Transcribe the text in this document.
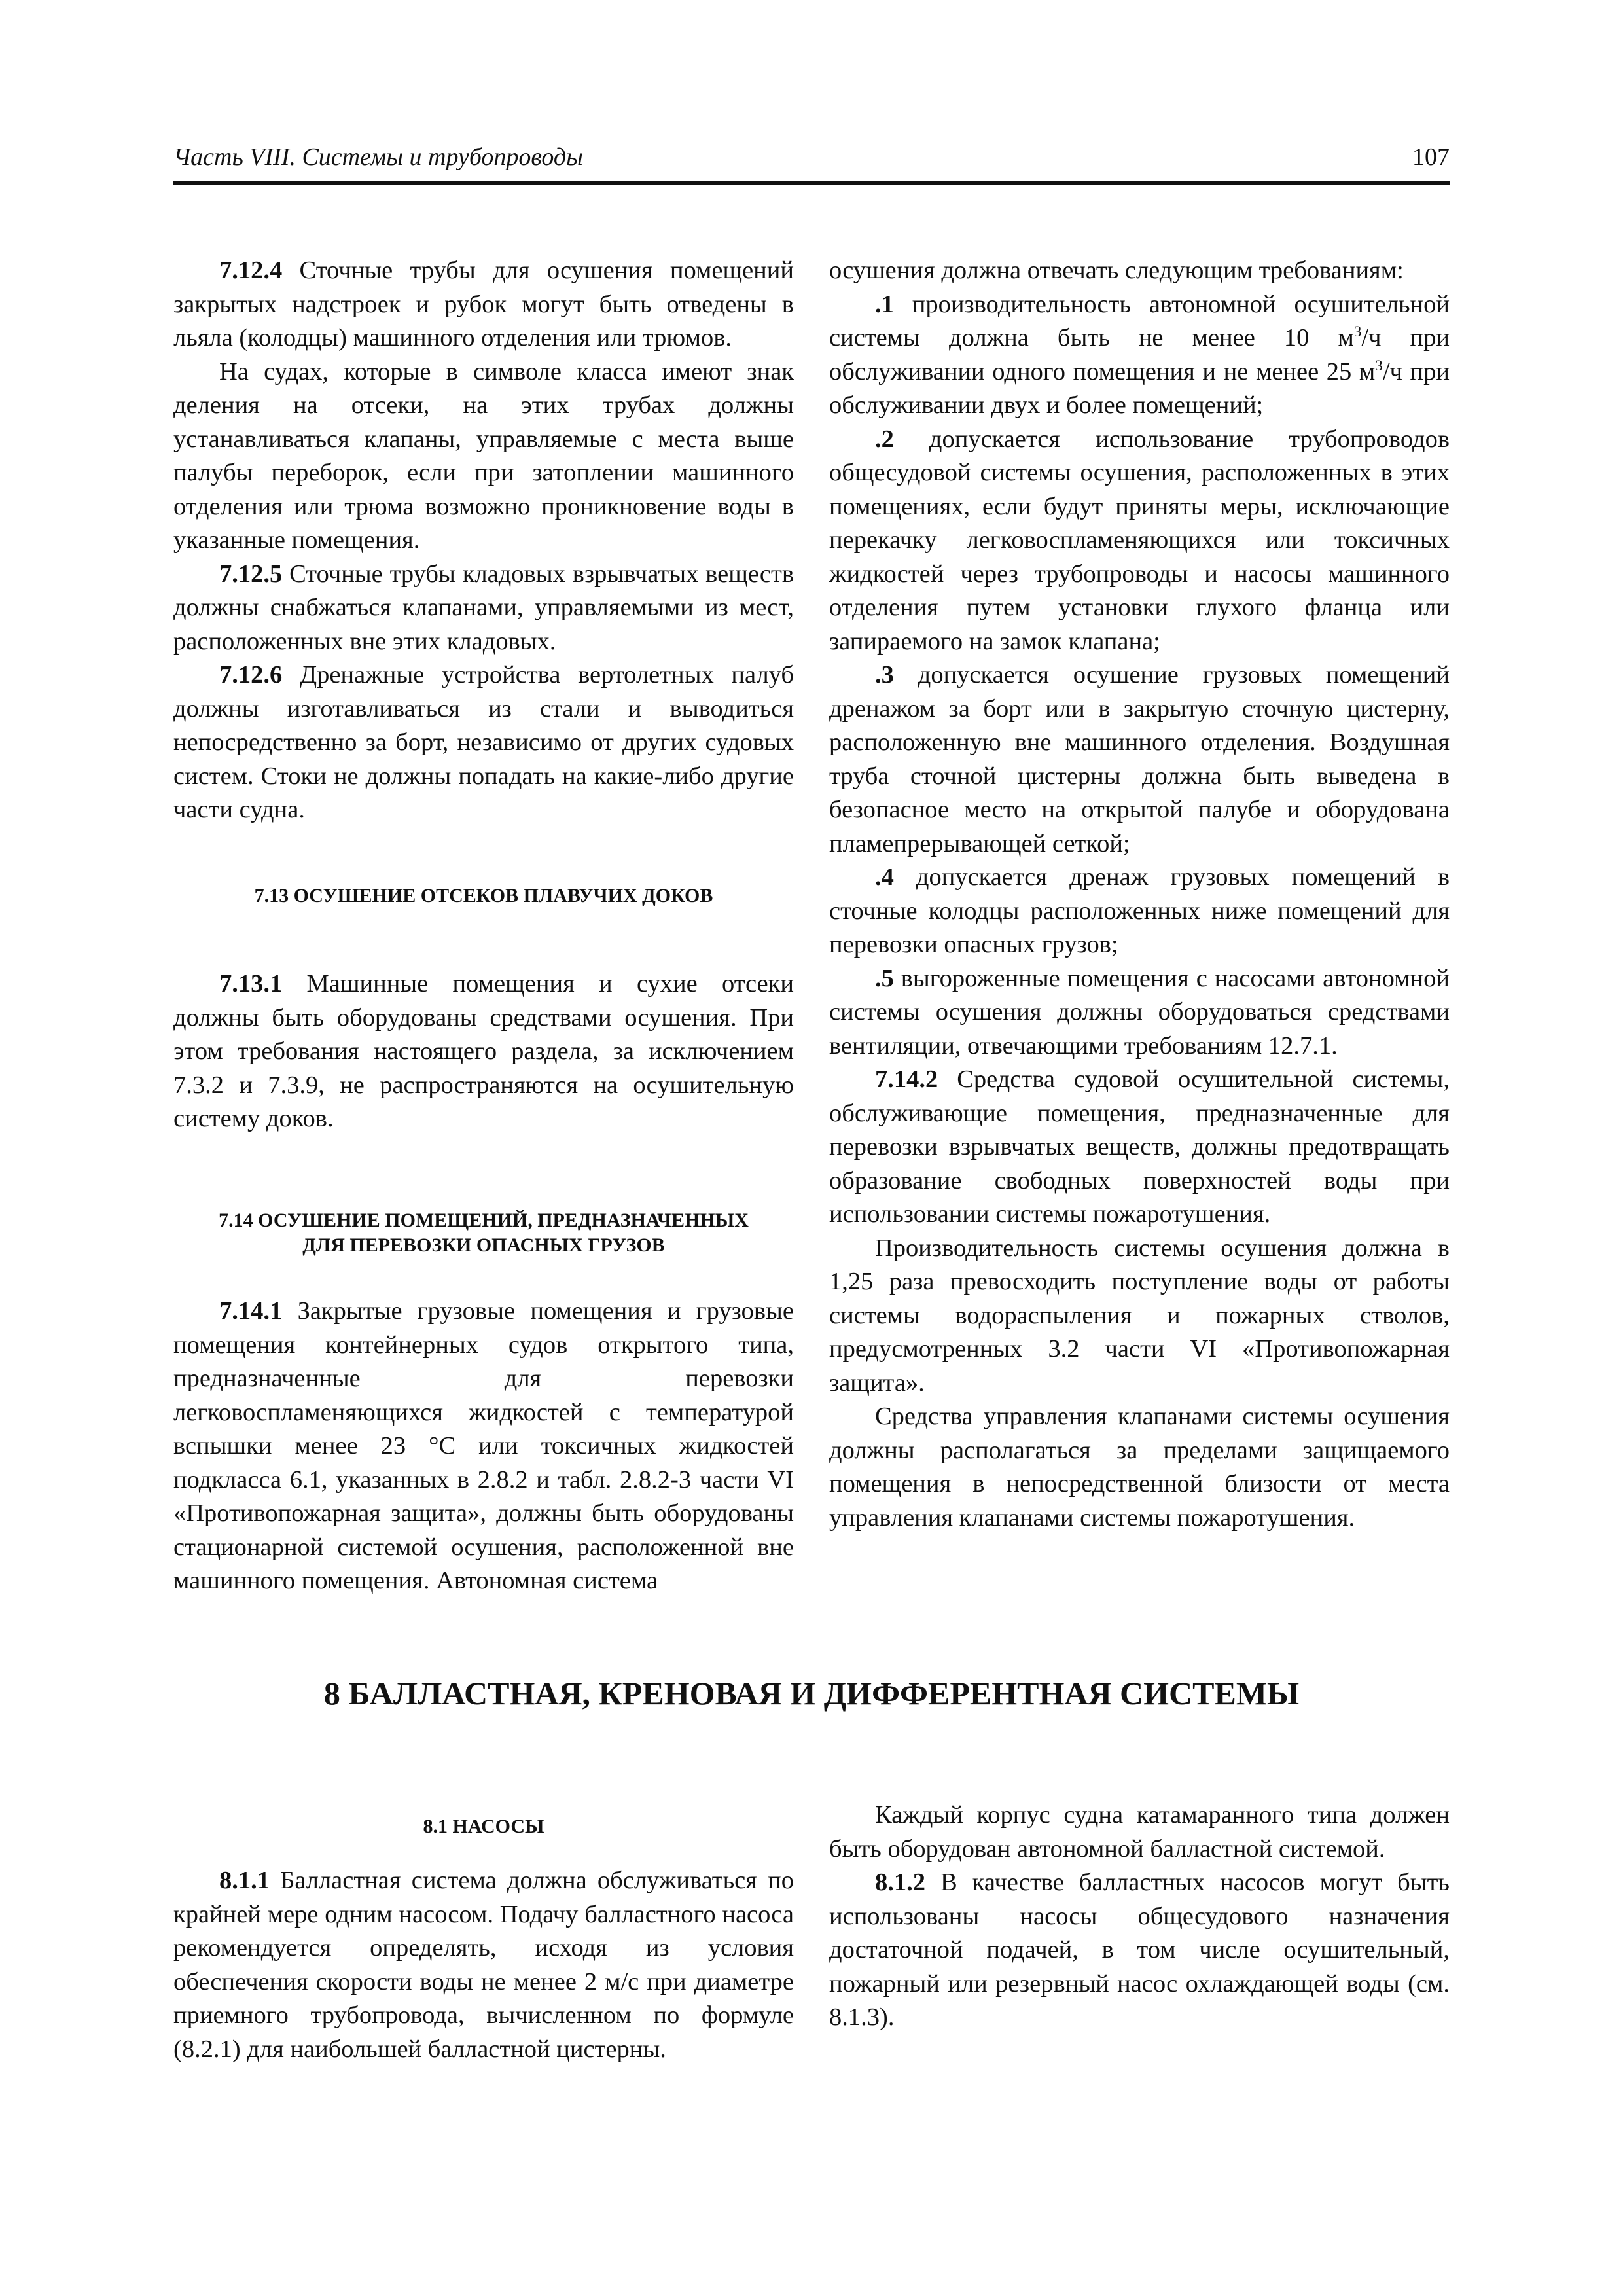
Часть VIII. Системы и трубопроводы	107

7.12.4 Сточные трубы для осушения помещений закрытых надстроек и рубок могут быть отведены в льяла (колодцы) машинного отделения или трюмов.

На судах, которые в символе класса имеют знак деления на отсеки, на этих трубах должны устанавливаться клапаны, управляемые с места выше палубы переборок, если при затоплении машинного отделения или трюма возможно проникновение воды в указанные помещения.

7.12.5 Сточные трубы кладовых взрывчатых веществ должны снабжаться клапанами, управляемыми из мест, расположенных вне этих кладовых.

7.12.6 Дренажные устройства вертолетных палуб должны изготавливаться из стали и выводиться непосредственно за борт, независимо от других судовых систем. Стоки не должны попадать на какие-либо другие части судна.

7.13 ОСУШЕНИЕ ОТСЕКОВ ПЛАВУЧИХ ДОКОВ

7.13.1 Машинные помещения и сухие отсеки должны быть оборудованы средствами осушения. При этом требования настоящего раздела, за исключением 7.3.2 и 7.3.9, не распространяются на осушительную систему доков.

7.14 ОСУШЕНИЕ ПОМЕЩЕНИЙ, ПРЕДНАЗНАЧЕННЫХ
ДЛЯ ПЕРЕВОЗКИ ОПАСНЫХ ГРУЗОВ

7.14.1 Закрытые грузовые помещения и грузовые помещения контейнерных судов открытого типа, предназначенные для перевозки легковоспламеняющихся жидкостей с температурой вспышки менее 23 °C или токсичных жидкостей подкласса 6.1, указанных в 2.8.2 и табл. 2.8.2-3 части VI «Противопожарная защита», должны быть оборудованы стационарной системой осушения, расположенной вне машинного помещения. Автономная система

осушения должна отвечать следующим требованиям:

.1 производительность автономной осушительной системы должна быть не менее 10 $м^3/ч$ при обслуживании одного помещения и не менее 25 $м^3/ч$ при обслуживании двух и более помещений;

.2 допускается использование трубопроводов общесудовой системы осушения, расположенных в этих помещениях, если будут приняты меры, исключающие перекачку легковоспламеняющихся или токсичных жидкостей через трубопроводы и насосы машинного отделения путем установки глухого фланца или запираемого на замок клапана;

.3 допускается осушение грузовых помещений дренажом за борт или в закрытую сточную цистерну, расположенную вне машинного отделения. Воздушная труба сточной цистерны должна быть выведена в безопасное место на открытой палубе и оборудована пламепрерывающей сеткой;

.4 допускается дренаж грузовых помещений в сточные колодцы расположенных ниже помещений для перевозки опасных грузов;

.5 выгороженные помещения с насосами автономной системы осушения должны оборудоваться средствами вентиляции, отвечающими требованиям 12.7.1.

7.14.2 Средства судовой осушительной системы, обслуживающие помещения, предназначенные для перевозки взрывчатых веществ, должны предотвращать образование свободных поверхностей воды при использовании системы пожаротушения.

Производительность системы осушения должна в 1,25 раза превосходить поступление воды от работы системы водораспыления и пожарных стволов, предусмотренных 3.2 части VI «Противопожарная защита».

Средства управления клапанами системы осушения должны располагаться за пределами защищаемого помещения в непосредственной близости от места управления клапанами системы пожаротушения.

8 БАЛЛАСТНАЯ, КРЕНОВАЯ И ДИФФЕРЕНТНАЯ СИСТЕМЫ
8.1 НАСОСЫ

8.1.1 Балластная система должна обслуживаться по крайней мере одним насосом. Подачу балластного насоса рекомендуется определять, исходя из условия обеспечения скорости воды не менее 2 м/с при диаметре приемного трубопровода, вычисленном по формуле (8.2.1) для наибольшей балластной цистерны.

Каждый корпус судна катамаранного типа должен быть оборудован автономной балластной системой.

8.1.2 В качестве балластных насосов могут быть использованы насосы общесудового назначения достаточной подачей, в том числе осушительный, пожарный или резервный насос охлаждающей воды (см. 8.1.3).
